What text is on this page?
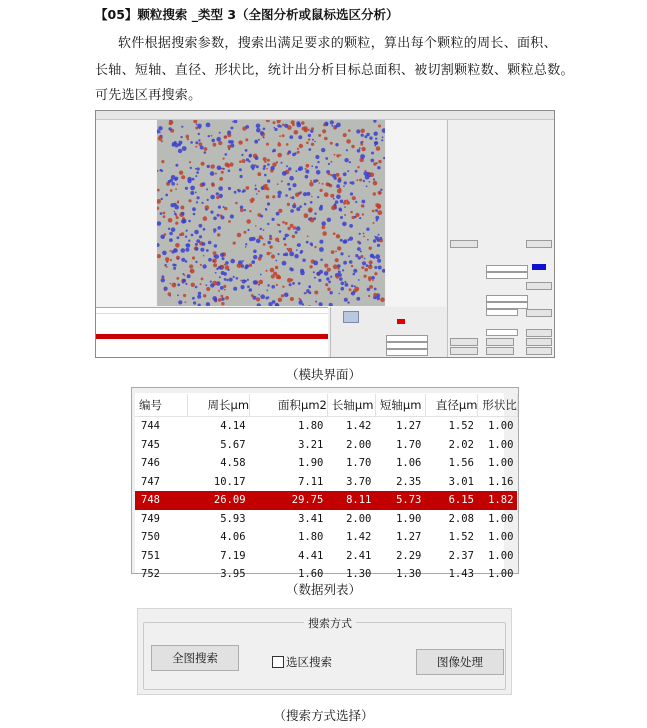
【05】颗粒搜索 _类型 3（全图分析或鼠标选区分析）
软件根据搜索参数，搜索出满足要求的颗粒，算出每个颗粒的周长、面积、
长轴、短轴、直径、形状比，统计出分析目标总面积、被切割颗粒数、颗粒总数。
可先选区再搜索。
（模块界面）
编号	周长μm	面积μm2	长轴μm	短轴μm	直径μm	形状比
744	4.14	1.80	1.42	1.27	1.52	1.00
745	5.67	3.21	2.00	1.70	2.02	1.00
746	4.58	1.90	1.70	1.06	1.56	1.00
747	10.17	7.11	3.70	2.35	3.01	1.16
748	26.09	29.75	8.11	5.73	6.15	1.82
749	5.93	3.41	2.00	1.90	2.08	1.00
750	4.06	1.80	1.42	1.27	1.52	1.00
751	7.19	4.41	2.41	2.29	2.37	1.00
752	3.95	1.60	1.30	1.30	1.43	1.00
（数据列表）
搜索方式
全图搜索	选区搜索	图像处理
（搜索方式选择）
